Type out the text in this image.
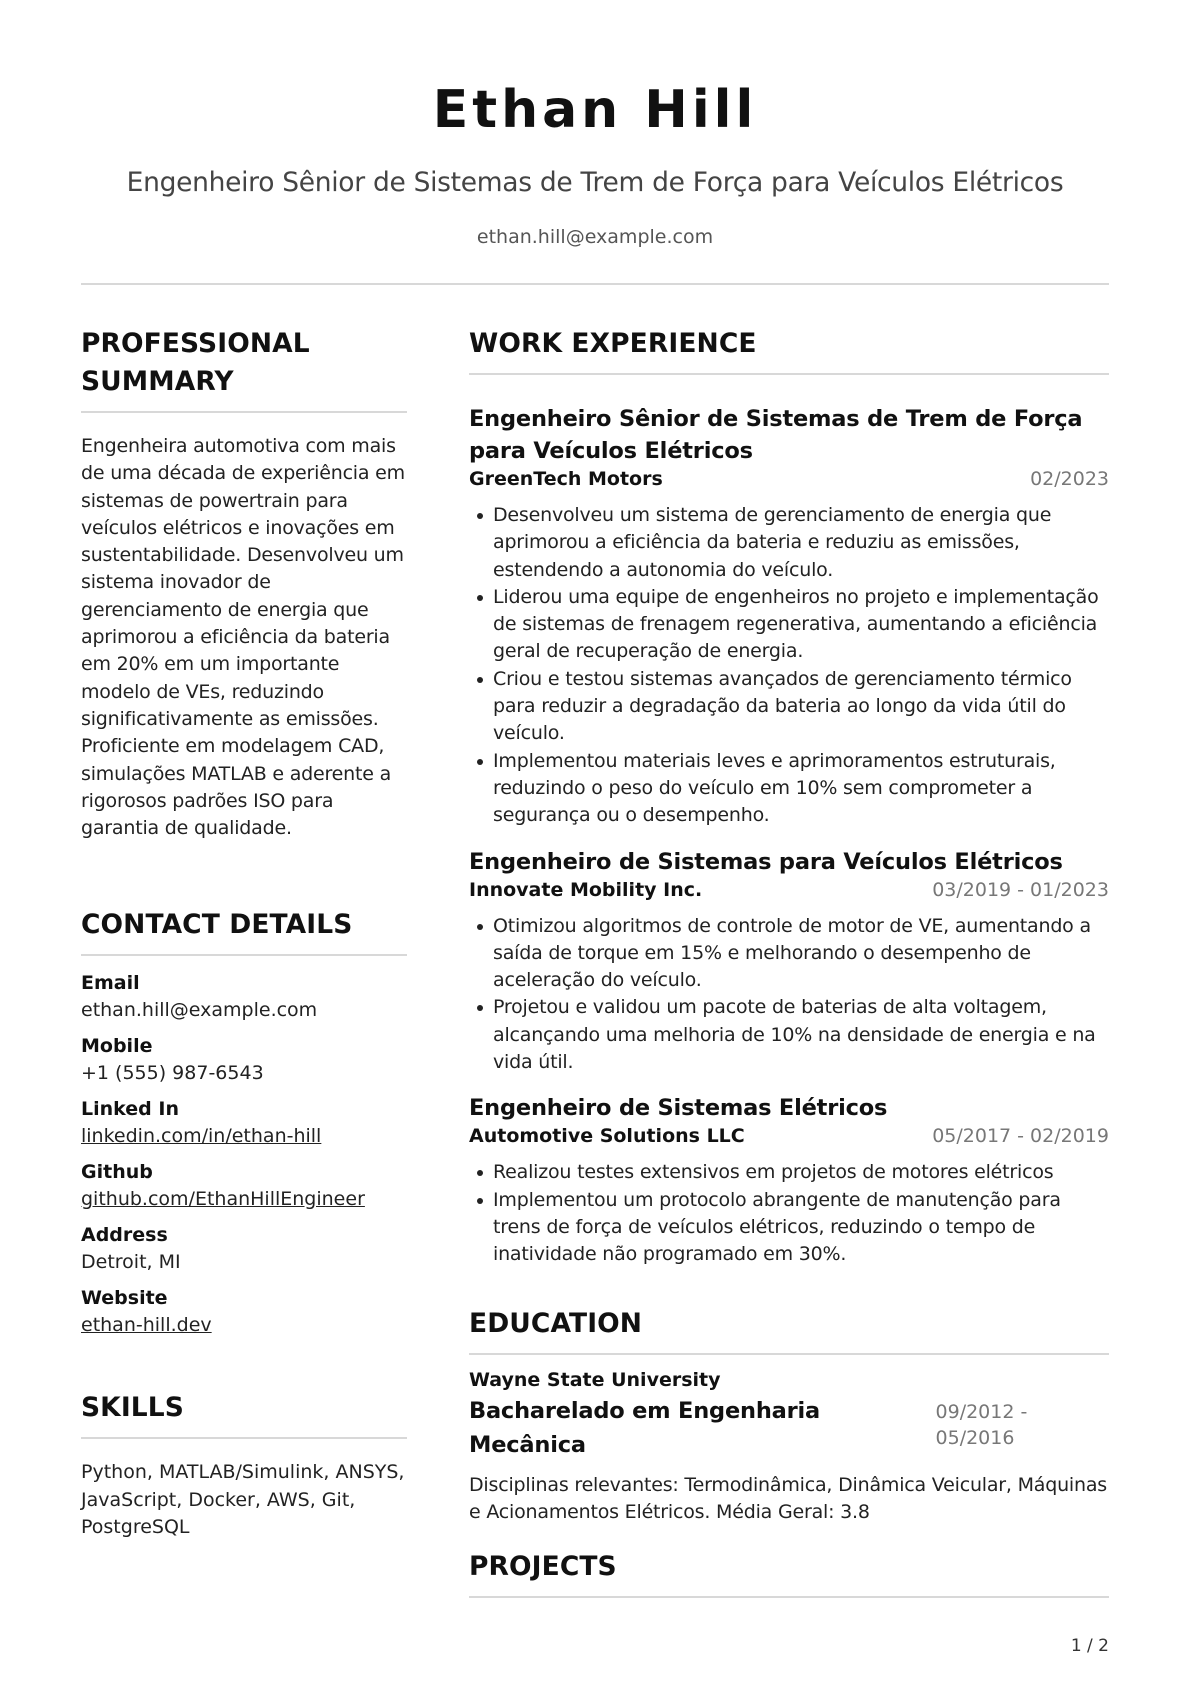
Ethan Hill
Engenheiro Sênior de Sistemas de Trem de Força para Veículos Elétricos
ethan.hill@example.com
PROFESSIONAL SUMMARY
Engenheira automotiva com mais de uma década de experiência em sistemas de powertrain para veículos elétricos e inovações em sustentabilidade. Desenvolveu um sistema inovador de gerenciamento de energia que aprimorou a eficiência da bateria em 20% em um importante modelo de VEs, reduzindo significativamente as emissões. Proficiente em modelagem CAD, simulações MATLAB e aderente a rigorosos padrões ISO para garantia de qualidade.
CONTACT DETAILS
Email
ethan.hill@example.com
Mobile
+1 (555) 987-6543
Linked In
linkedin.com/in/ethan-hill
Github
github.com/EthanHillEngineer
Address
Detroit, MI
Website
ethan-hill.dev
SKILLS
Python, MATLAB/Simulink, ANSYS, JavaScript, Docker, AWS, Git, PostgreSQL
WORK EXPERIENCE
Engenheiro Sênior de Sistemas de Trem de Força para Veículos Elétricos
GreenTech Motors	02/2023
Desenvolveu um sistema de gerenciamento de energia que aprimorou a eficiência da bateria e reduziu as emissões, estendendo a autonomia do veículo.
Liderou uma equipe de engenheiros no projeto e implementação de sistemas de frenagem regenerativa, aumentando a eficiência geral de recuperação de energia.
Criou e testou sistemas avançados de gerenciamento térmico para reduzir a degradação da bateria ao longo da vida útil do veículo.
Implementou materiais leves e aprimoramentos estruturais, reduzindo o peso do veículo em 10% sem comprometer a segurança ou o desempenho.
Engenheiro de Sistemas para Veículos Elétricos
Innovate Mobility Inc.	03/2019 - 01/2023
Otimizou algoritmos de controle de motor de VE, aumentando a saída de torque em 15% e melhorando o desempenho de aceleração do veículo.
Projetou e validou um pacote de baterias de alta voltagem, alcançando uma melhoria de 10% na densidade de energia e na vida útil.
Engenheiro de Sistemas Elétricos
Automotive Solutions LLC	05/2017 - 02/2019
Realizou testes extensivos em projetos de motores elétricos
Implementou um protocolo abrangente de manutenção para trens de força de veículos elétricos, reduzindo o tempo de inatividade não programado em 30%.
EDUCATION
Wayne State University
Bacharelado em Engenharia Mecânica
09/2012 - 05/2016
Disciplinas relevantes: Termodinâmica, Dinâmica Veicular, Máquinas e Acionamentos Elétricos. Média Geral: 3.8
PROJECTS
1 / 2
